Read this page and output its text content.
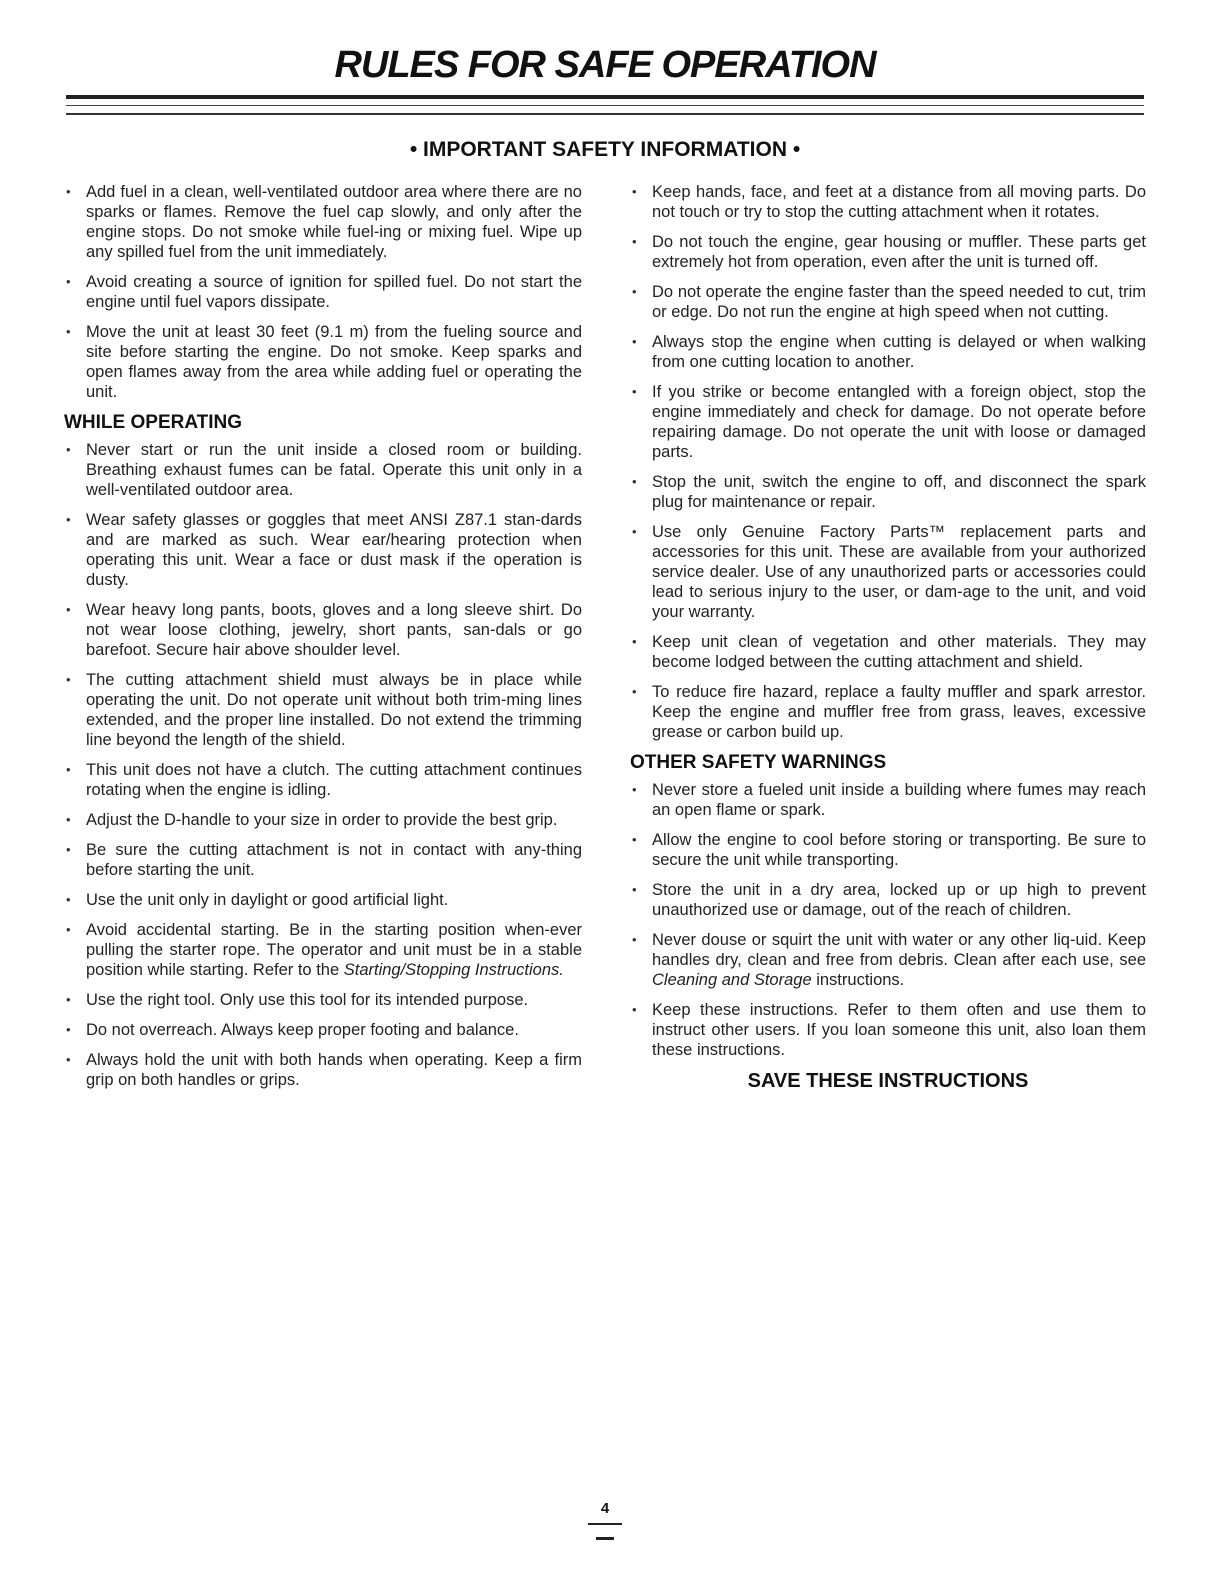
RULES FOR SAFE OPERATION
• IMPORTANT SAFETY INFORMATION •
• Add fuel in a clean, well-ventilated outdoor area where there are no sparks or flames. Remove the fuel cap slowly, and only after the engine stops. Do not smoke while fuel-ing or mixing fuel. Wipe up any spilled fuel from the unit immediately.
• Avoid creating a source of ignition for spilled fuel. Do not start the engine until fuel vapors dissipate.
• Move the unit at least 30 feet (9.1 m) from the fueling source and site before starting the engine. Do not smoke. Keep sparks and open flames away from the area while adding fuel or operating the unit.
WHILE OPERATING
• Never start or run the unit inside a closed room or building. Breathing exhaust fumes can be fatal. Operate this unit only in a well-ventilated outdoor area.
• Wear safety glasses or goggles that meet ANSI Z87.1 stan-dards and are marked as such. Wear ear/hearing protection when operating this unit. Wear a face or dust mask if the operation is dusty.
• Wear heavy long pants, boots, gloves and a long sleeve shirt. Do not wear loose clothing, jewelry, short pants, san-dals or go barefoot. Secure hair above shoulder level.
• The cutting attachment shield must always be in place while operating the unit. Do not operate unit without both trim-ming lines extended, and the proper line installed. Do not extend the trimming line beyond the length of the shield.
• This unit does not have a clutch. The cutting attachment continues rotating when the engine is idling.
• Adjust the D-handle to your size in order to provide the best grip.
• Be sure the cutting attachment is not in contact with any-thing before starting the unit.
• Use the unit only in daylight or good artificial light.
• Avoid accidental starting. Be in the starting position when-ever pulling the starter rope. The operator and unit must be in a stable position while starting. Refer to the Starting/Stopping Instructions.
• Use the right tool. Only use this tool for its intended purpose.
• Do not overreach. Always keep proper footing and balance.
• Always hold the unit with both hands when operating. Keep a firm grip on both handles or grips.
• Keep hands, face, and feet at a distance from all moving parts. Do not touch or try to stop the cutting attachment when it rotates.
• Do not touch the engine, gear housing or muffler. These parts get extremely hot from operation, even after the unit is turned off.
• Do not operate the engine faster than the speed needed to cut, trim or edge. Do not run the engine at high speed when not cutting.
• Always stop the engine when cutting is delayed or when walking from one cutting location to another.
• If you strike or become entangled with a foreign object, stop the engine immediately and check for damage. Do not operate before repairing damage. Do not operate the unit with loose or damaged parts.
• Stop the unit, switch the engine to off, and disconnect the spark plug for maintenance or repair.
• Use only Genuine Factory Parts™ replacement parts and accessories for this unit. These are available from your authorized service dealer. Use of any unauthorized parts or accessories could lead to serious injury to the user, or dam-age to the unit, and void your warranty.
• Keep unit clean of vegetation and other materials. They may become lodged between the cutting attachment and shield.
• To reduce fire hazard, replace a faulty muffler and spark arrestor. Keep the engine and muffler free from grass, leaves, excessive grease or carbon build up.
OTHER SAFETY WARNINGS
• Never store a fueled unit inside a building where fumes may reach an open flame or spark.
• Allow the engine to cool before storing or transporting. Be sure to secure the unit while transporting.
• Store the unit in a dry area, locked up or up high to prevent unauthorized use or damage, out of the reach of children.
• Never douse or squirt the unit with water or any other liq-uid. Keep handles dry, clean and free from debris. Clean after each use, see Cleaning and Storage instructions.
• Keep these instructions. Refer to them often and use them to instruct other users. If you loan someone this unit, also loan them these instructions.
SAVE THESE INSTRUCTIONS
4
